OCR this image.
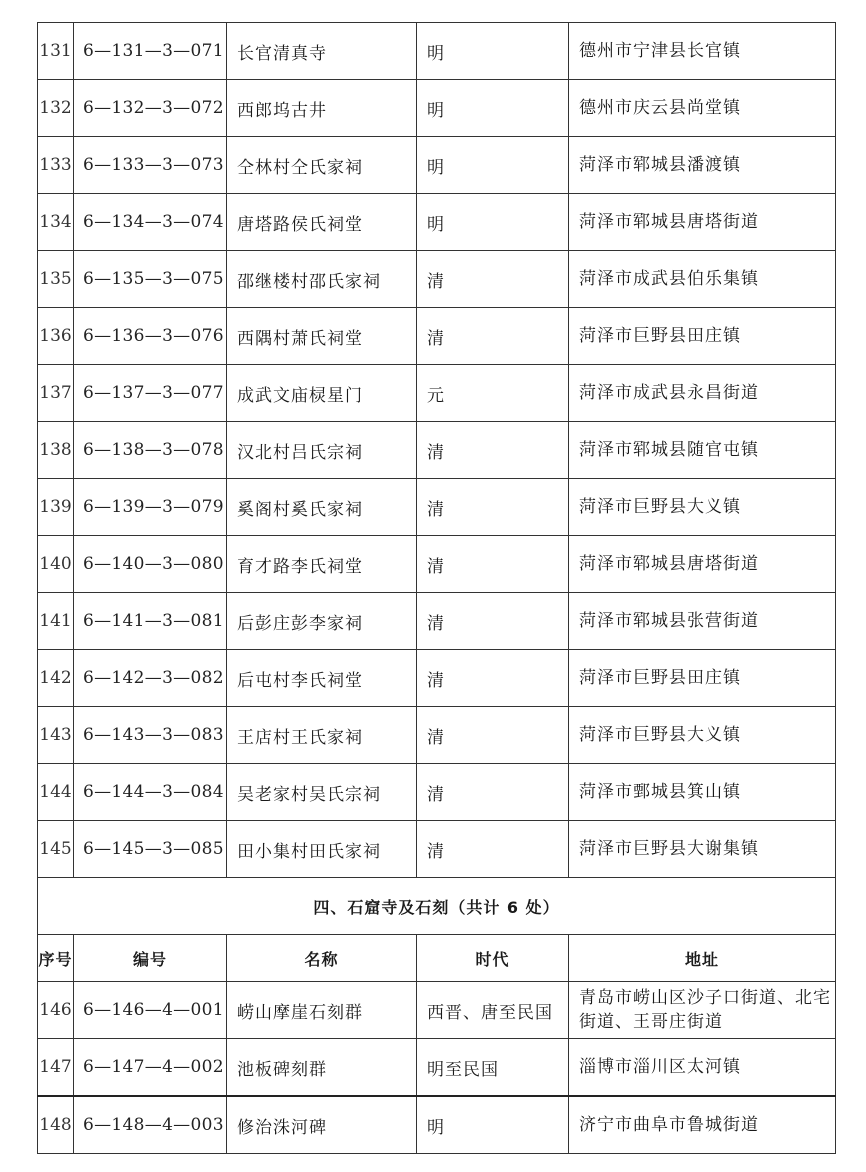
131	6—131—3—071	长官清真寺	明	德州市宁津县长官镇
132	6—132—3—072	西郎坞古井	明	德州市庆云县尚堂镇
133	6—133—3—073	仝林村仝氏家祠	明	菏泽市郓城县潘渡镇
134	6—134—3—074	唐塔路侯氏祠堂	明	菏泽市郓城县唐塔街道
135	6—135—3—075	邵继楼村邵氏家祠	清	菏泽市成武县伯乐集镇
136	6—136—3—076	西隅村萧氏祠堂	清	菏泽市巨野县田庄镇
137	6—137—3—077	成武文庙棂星门	元	菏泽市成武县永昌街道
138	6—138—3—078	汉北村吕氏宗祠	清	菏泽市郓城县随官屯镇
139	6—139—3—079	奚阁村奚氏家祠	清	菏泽市巨野县大义镇
140	6—140—3—080	育才路李氏祠堂	清	菏泽市郓城县唐塔街道
141	6—141—3—081	后彭庄彭李家祠	清	菏泽市郓城县张营街道
142	6—142—3—082	后屯村李氏祠堂	清	菏泽市巨野县田庄镇
143	6—143—3—083	王店村王氏家祠	清	菏泽市巨野县大义镇
144	6—144—3—084	吴老家村吴氏宗祠	清	菏泽市鄄城县箕山镇
145	6—145—3—085	田小集村田氏家祠	清	菏泽市巨野县大谢集镇
四、石窟寺及石刻（共计 6 处）				
序号	编号	名称	时代	地址
146	6—146—4—001	崂山摩崖石刻群	西晋、唐至民国	青岛市崂山区沙子口街道、北宅街道、王哥庄街道
147	6—147—4—002	池板碑刻群	明至民国	淄博市淄川区太河镇
148	6—148—4—003	修治洙河碑	明	济宁市曲阜市鲁城街道
